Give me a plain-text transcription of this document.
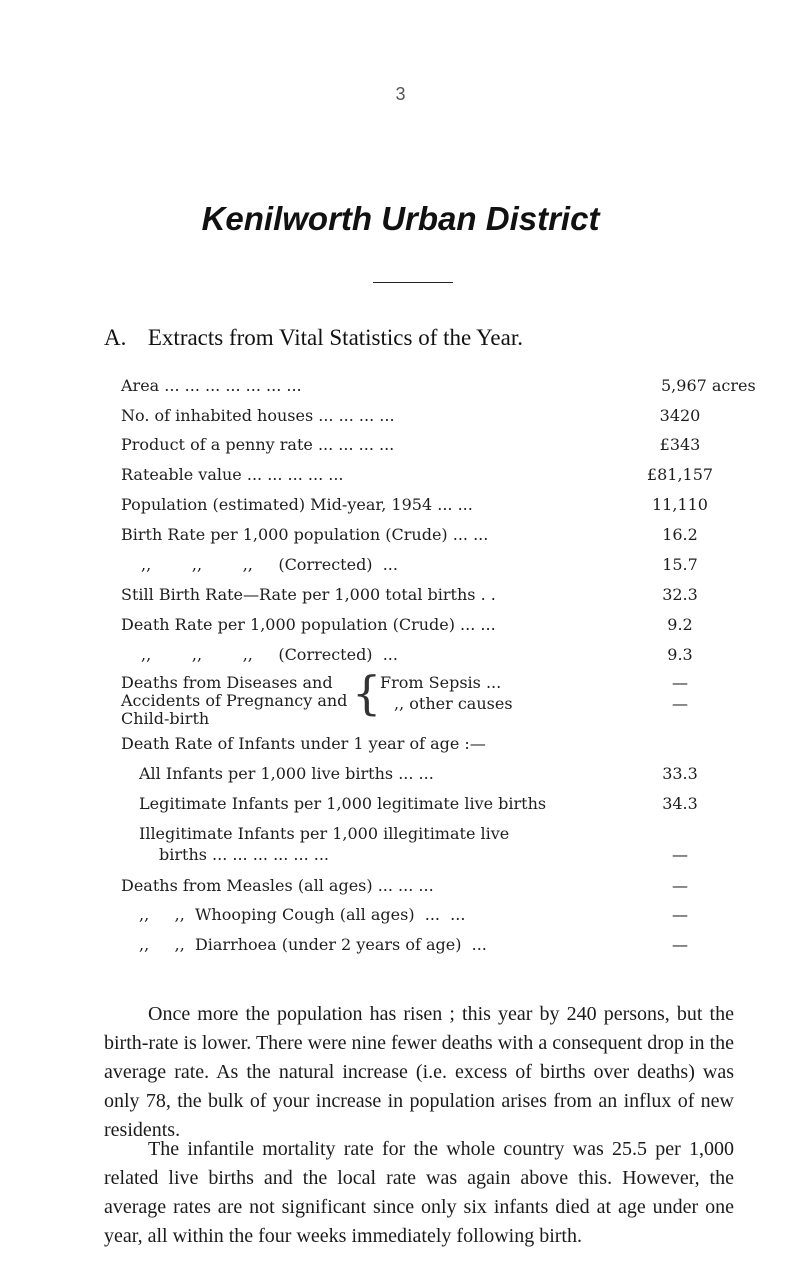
3
Kenilworth Urban District
A. Extracts from Vital Statistics of the Year.
Area ... ... ... ... ... ... ...	5,967 acres
No. of inhabited houses ... ... ... ...	3420
Product of a penny rate ... ... ... ...	£343
Rateable value ... ... ... ... ...	£81,157
Population (estimated) Mid-year, 1954 ... ...	11,110
Birth Rate per 1,000 population (Crude) ... ...	16.2
,,        ,,        ,,     (Corrected)  ...	15.7
Still Birth Rate—Rate per 1,000 total births . .	32.3
Death Rate per 1,000 population (Crude) ... ...	9.2
,,        ,,        ,,     (Corrected)  ...	9.3
Deaths from Diseases and
Accidents of Pregnancy and
Child-birth	{
From Sepsis ...	—
,, other causes	—
Death Rate of Infants under 1 year of age :—
All Infants per 1,000 live births ... ...	33.3
Legitimate Infants per 1,000 legitimate live births	34.3
Illegitimate Infants per 1,000 illegitimate live
births ... ... ... ... ... ...	—
Deaths from Measles (all ages) ... ... ...	—
,,     ,,  Whooping Cough (all ages)  ...  ...	—
,,     ,,  Diarrhoea (under 2 years of age)  ...	—

Once more the population has risen ; this year by 240 persons, but the birth-rate is lower. There were nine fewer deaths with a consequent drop in the average rate. As the natural increase (i.e. excess of births over deaths) was only 78, the bulk of your increase in population arises from an influx of new residents.

The infantile mortality rate for the whole country was 25.5 per 1,000 related live births and the local rate was again above this. However, the average rates are not significant since only six infants died at age under one year, all within the four weeks immediately following birth.
